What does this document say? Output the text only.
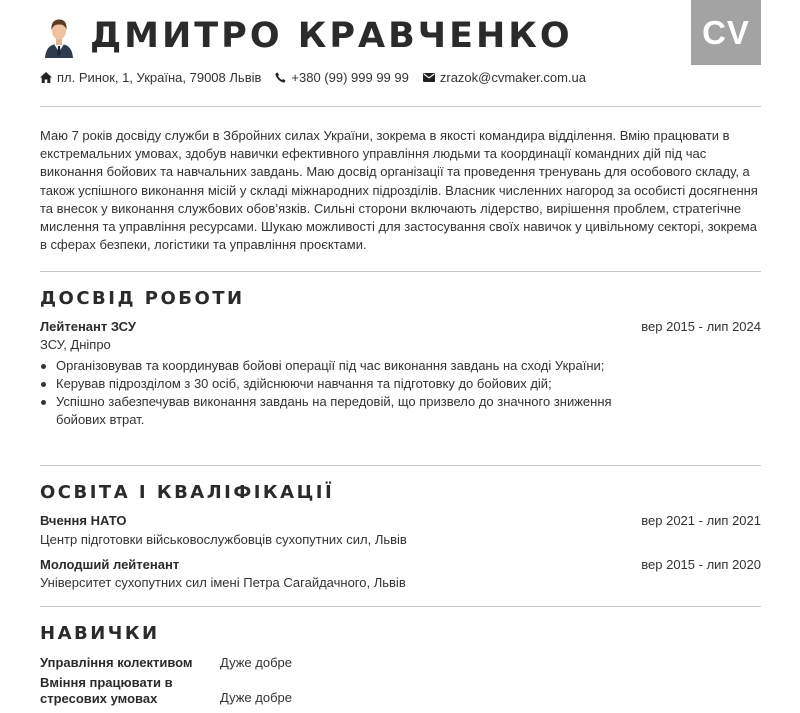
CV
ДМИТРО КРАВЧЕНКО
пл. Ринок, 1, Україна, 79008 Львів +380 (99) 999 99 99 zrazok@cvmaker.com.ua

Маю 7 років досвіду служби в Збройних силах України, зокрема в якості командира відділення. Вмію працювати в екстремальних умовах, здобув навички ефективного управління людьми та координації командних дій під час виконання бойових та навчальних завдань. Маю досвід організації та проведення тренувань для особового складу, а також успішного виконання місій у складі міжнародних підрозділів. Власник численних нагород за особисті досягнення та внесок у виконання службових обов’язків. Сильні сторони включають лідерство, вирішення проблем, стратегічне мислення та управління ресурсами. Шукаю можливості для застосування своїх навичок у цивільному секторі, зокрема в сферах безпеки, логістики та управління проєктами.

ДОСВІД РОБОТИ
Лейтенант ЗСУ	вер 2015 - лип 2024
ЗСУ, Дніпро
Організовував та координував бойові операції під час виконання завдань на сході України;
Керував підрозділом з 30 осіб, здійснюючи навчання та підготовку до бойових дій;
Успішно забезпечував виконання завдань на передовій, що призвело до значного зниження бойових втрат.
ОСВІТА І КВАЛІФІКАЦІЇ
Вчення НАТО	вер 2021 - лип 2021
Центр підготовки військовослужбовців сухопутних сил, Львів
Молодший лейтенант	вер 2015 - лип 2020
Університет сухопутних сил імені Петра Сагайдачного, Львів
НАВИЧКИ
Управління колективом	Дуже добре
Вміння працювати в стресових умовах	Дуже добре
